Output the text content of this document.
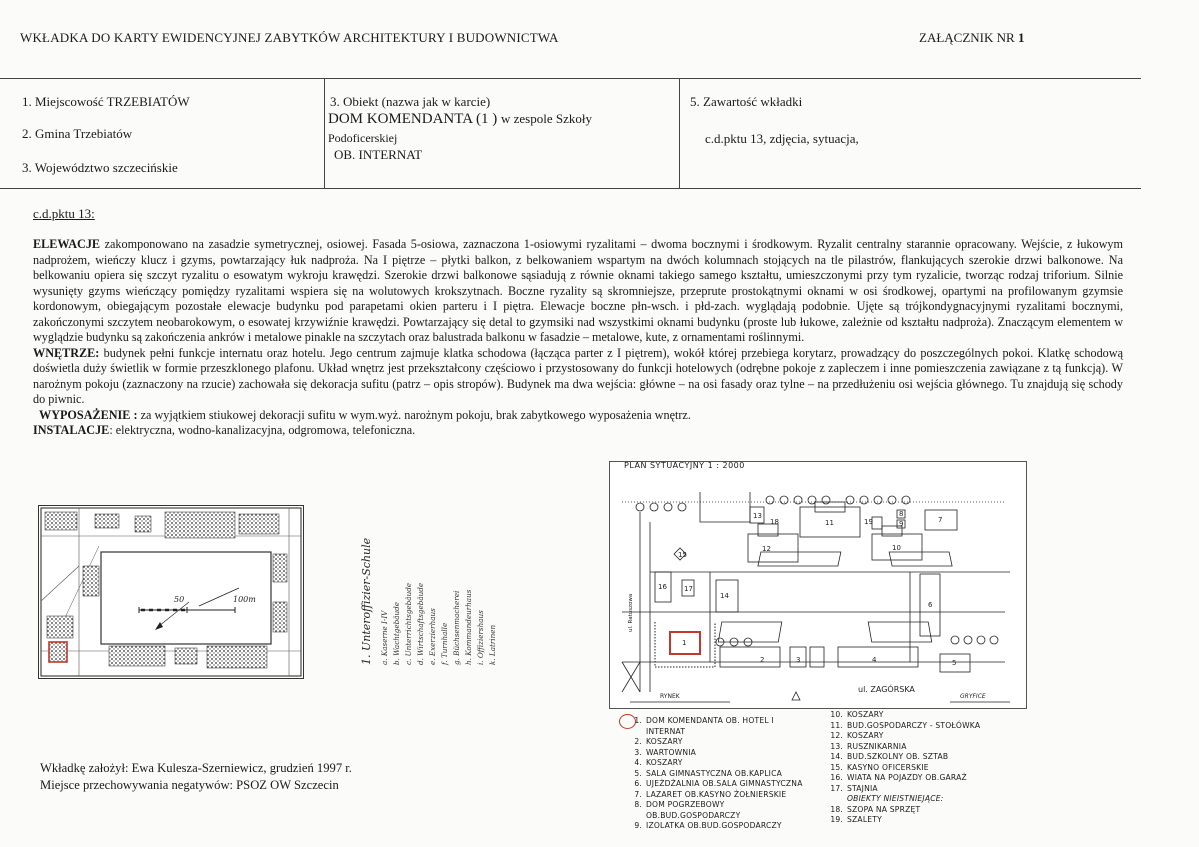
WKŁADKA DO KARTY EWIDENCYJNEJ ZABYTKÓW ARCHITEKTURY I BUDOWNICTWA	ZAŁĄCZNIK NR 1
1. Miejscowość TRZEBIATÓW
2. Gmina Trzebiatów
3. Województwo szczecińskie
3. Obiekt (nazwa jak w karcie)
DOM KOMENDANTA (1 ) w zespole Szkoły
Podoficerskiej
OB. INTERNAT
5. Zawartość wkładki
c.d.pktu 13, zdjęcia, sytuacja,
c.d.pktu 13:

ELEWACJE zakomponowano na zasadzie symetrycznej, osiowej. Fasada 5-osiowa, zaznaczona 1-osiowymi ryzalitami – dwoma bocznymi i środkowym. Ryzalit centralny starannie opracowany. Wejście, z łukowym nadprożem, wieńczy klucz i gzyms, powtarzający łuk nadproża. Na I piętrze – płytki balkon, z belkowaniem wspartym na dwóch kolumnach stojących na tle pilastrów, flankujących szerokie drzwi balkonowe. Na belkowaniu opiera się szczyt ryzalitu o esowatym wykroju krawędzi. Szerokie drzwi balkonowe sąsiadują z równie oknami takiego samego kształtu, umieszczonymi przy tym ryzalicie, tworząc rodzaj triforium. Silnie wysunięty gzyms wieńczący pomiędzy ryzalitami wspiera się na wolutowych krokszytnach. Boczne ryzality są skromniejsze, przeprute prostokątnymi oknami w osi środkowej, opartymi na profilowanym gzymsie kordonowym, obiegającym pozostałe elewacje budynku pod parapetami okien parteru i I piętra. Elewacje boczne płn-wsch. i płd-zach. wyglądają podobnie. Ujęte są trójkondygnacyjnymi ryzalitami bocznymi, zakończonymi szczytem neobarokowym, o esowatej krzywiźnie krawędzi. Powtarzający się detal to gzymsiki nad wszystkimi oknami budynku (proste lub łukowe, zależnie od kształtu nadproża). Znaczącym elementem w wyglądzie budynku są zakończenia ankrów i metalowe pinakle na szczytach oraz balustrada balkonu w fasadzie – metalowe, kute, z ornamentami roślinnymi.

WNĘTRZE: budynek pełni funkcje internatu oraz hotelu. Jego centrum zajmuje klatka schodowa (łącząca parter z I piętrem), wokół której przebiega korytarz, prowadzący do poszczególnych pokoi. Klatkę schodową doświetla duży świetlik w formie przeszklonego plafonu. Układ wnętrz jest przekształcony częściowo i przystosowany do funkcji hotelowych (odrębne pokoje z zapleczem i inne pomieszczenia zawiązane z tą funkcją). W narożnym pokoju (zaznaczony na rzucie) zachowała się dekoracja sufitu (patrz – opis stropów). Budynek ma dwa wejścia: główne – na osi fasady oraz tylne – na przedłużeniu osi wejścia głównego. Tu znajdują się schody do piwnic.

WYPOSAŻENIE : za wyjątkiem stiukowej dekoracji sufitu w wym.wyż. narożnym pokoju, brak zabytkowego wyposażenia wnętrz.

INSTALACJE: elektryczna, wodno-kanalizacyjna, odgromowa, telefoniczna.

50	100m	1. Unteroffizier-Schule a. Kaserne I-IV b. Wachtgebäude c. Unterrichtsgebäude d. Wirtschaftsgebäude e. Exerzierhaus f. Turnhalle g. Büchsenmacherei h. Kommandeurhaus i. Offiziershaus k. Latrinen
Wkładkę założył: Ewa Kulesza-Szerniewicz, grudzień 1997 r.
Miejsce przechowywania negatywów: PSOZ OW Szczecin
1
2	3	4	5
6
7
8
9
10
11
12
13
14
15
16 17
18	19
RYNEK
ul. ZAGÓRSKA
GRYFICE
ul. Ratuszowa
PLAN SYTUACYJNY 1 : 2000
1. DOM KOMENDANTA OB. HOTEL I
INTERNAT
2. KOSZARY
3. WARTOWNIA
4. KOSZARY
5. SALA GIMNASTYCZNA OB.KAPLICA
6. UJEŻDŻALNIA OB.SALA GIMNASTYCZNA
7. LAZARET OB.KASYNO ŻOŁNIERSKIE
8. DOM POGRZEBOWY
OB.BUD.GOSPODARCZY
9. IZOLATKA OB.BUD.GOSPODARCZY
10. KOSZARY
11. BUD.GOSPODARCZY - STOŁÓWKA
12. KOSZARY
13. RUSZNIKARNIA
14. BUD.SZKOLNY OB. SZTAB
15. KASYNO OFICERSKIE
16. WIATA NA POJAZDY OB.GARAŻ
17. STAJNIA
OBIEKTY NIEISTNIEJĄCE:
18. SZOPA NA SPRZĘT
19. SZALETY
